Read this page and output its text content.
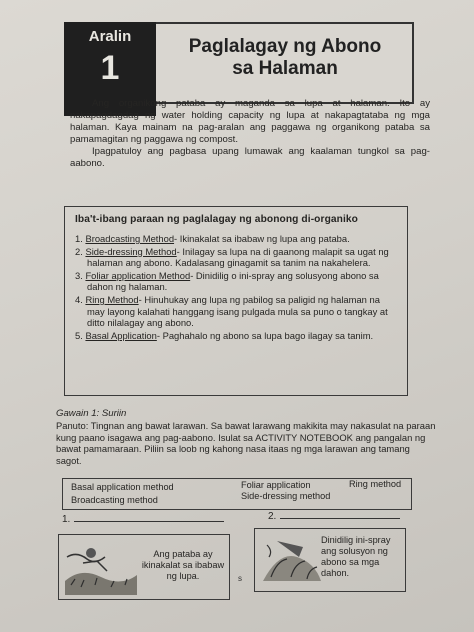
Aralin
1
Paglalagay ng Abono
sa Halaman

Ang organikong pataba ay maganda sa lupa at halaman. Ito ay nakapagdagdag ng water holding capacity ng lupa at nakapagtataba ng mga halaman. Kaya mainam na pag-aralan ang paggawa ng organikong pataba sa pamamagitan ng paggawa ng compost.

Ipagpatuloy ang pagbasa upang lumawak ang kaalaman tungkol sa pag-aabono.

Iba't-ibang paraan ng paglalagay ng abonong di-organiko
1. Broadcasting Method- Ikinakalat sa ibabaw ng lupa ang pataba.
2. Side-dressing Method- Inilagay sa lupa na di gaanong malapit sa ugat ng halaman ang abono. Kadalasang ginagamit sa tanim na nakahelera.
3. Foliar application Method- Dinidilig o ini-spray ang solusyong abono sa dahon ng halaman.
4. Ring Method- Hinuhukay ang lupa ng pabilog sa paligid ng halaman na may layong kalahati hanggang isang pulgada mula sa puno o tangkay at ditto nilalagay ang abono.
5. Basal Application- Paghahalo ng abono sa lupa bago ilagay sa tanim.
Gawain 1: Suriin
Panuto: Tingnan ang bawat larawan. Sa bawat larawang makikita may nakasulat na paraan kung paano isagawa ang pag-aabono. Isulat sa ACTIVITY NOTEBOOK ang pangalan ng bawat pamamaraan. Piliin sa loob ng kahong nasa itaas ng mga larawan ang tamang sagot.
Basal application method	Foliar application	Ring method
Broadcasting method	Side-dressing method
1.	2.
Ang pataba ay ikinakalat sa ibabaw ng lupa.	s
Dinidilig ini-spray ang solusyon ng abono sa mga dahon.
